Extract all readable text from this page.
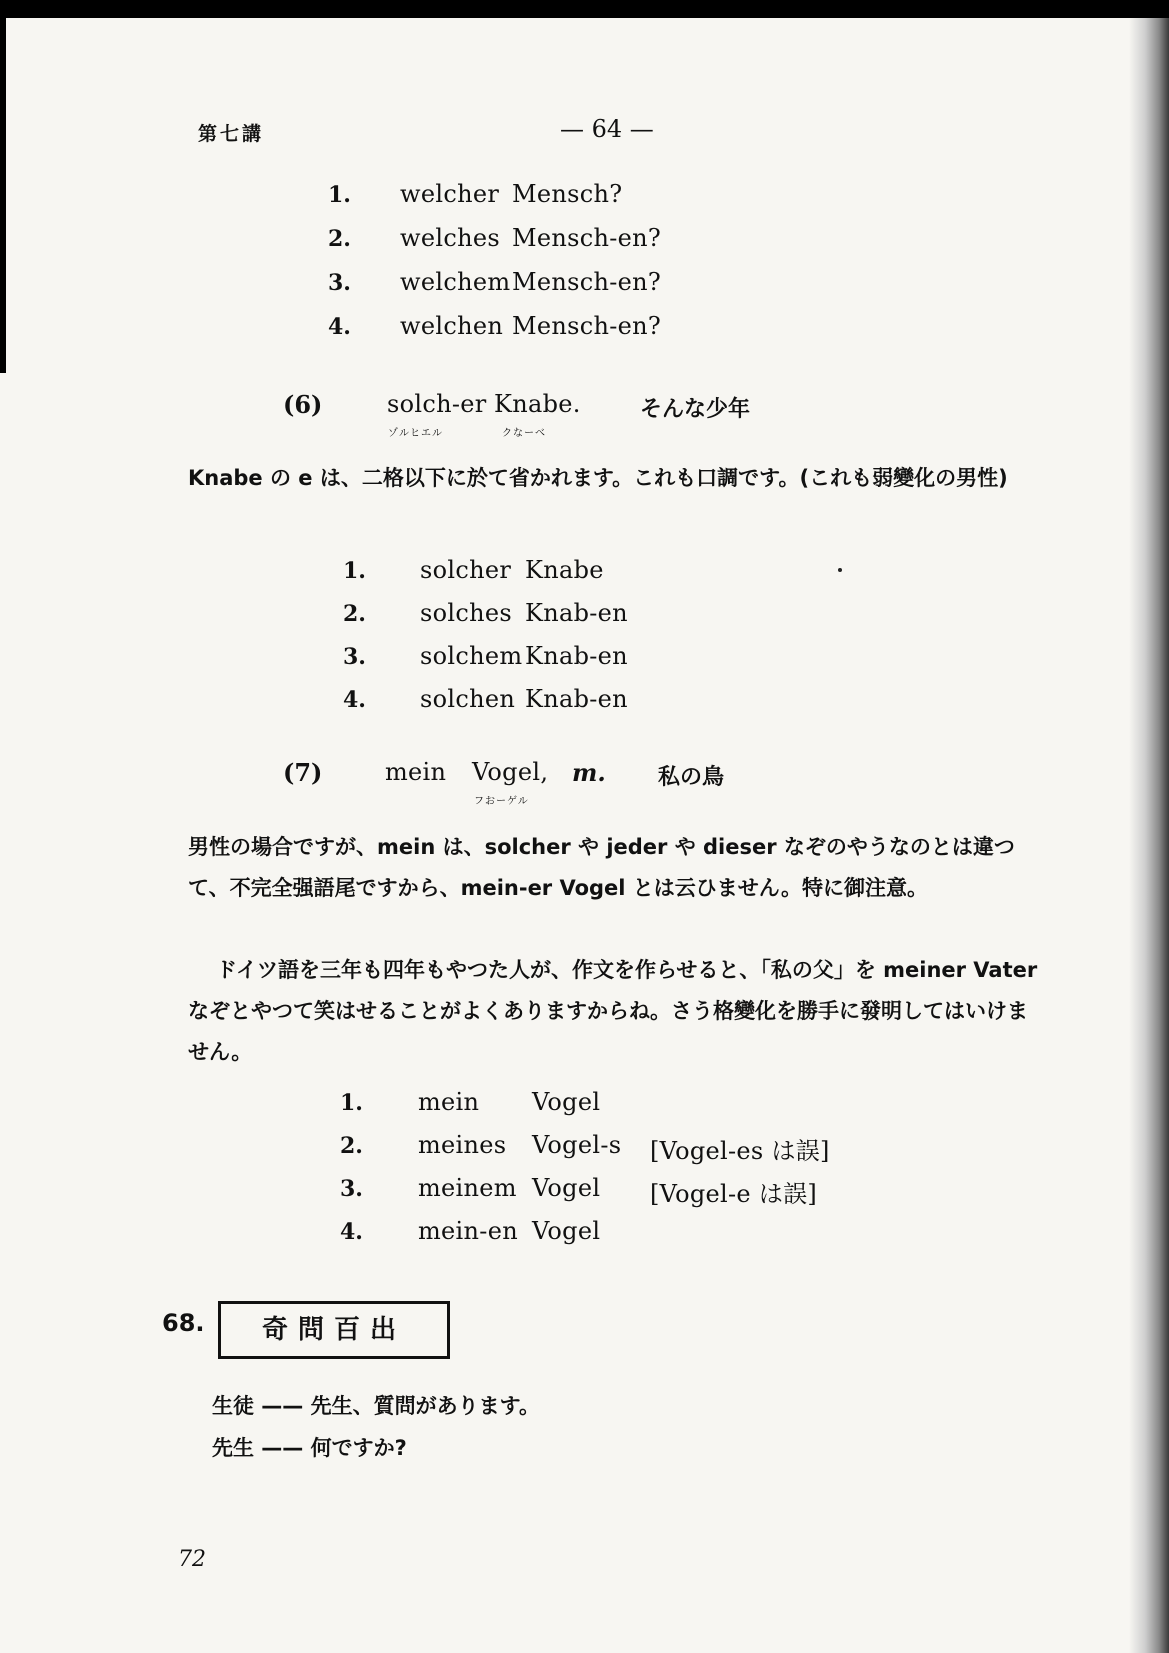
第七講	— 64 —
1. welcher Mensch?
2. welches Mensch-en?
3. welchem Mensch-en?
4. welchen Mensch-en?
(6)	solch-er
ゾルヒエル
Knabe.
クなーべ
そんな少年
Knabe の e は、二格以下に於て省かれます。これも口調です。(これも弱變化の男性)
1. solcher Knabe
2. solches Knab-en
3. solchem Knab-en
4. solchen Knab-en
(7)	mein Vogel,
フおーゲル
m. 私の鳥
男性の場合ですが、mein は、solcher や jeder や dieser なぞのやうなのとは違つて、不完全强語尾ですから、mein-er Vogel とは云ひません。特に御注意。
ドイツ語を三年も四年もやつた人が、作文を作らせると、「私の父」を meiner Vater なぞとやつて笑はせることがよくありますからね。さう格變化を勝手に發明してはいけません。
1. mein Vogel
2. meines Vogel-s [Vogel-es は誤]
3. meinem Vogel [Vogel-e は誤]
4. mein-en Vogel
68.	奇問百出
生徒 —— 先生、質問があります。
先生 —— 何ですか?
72
